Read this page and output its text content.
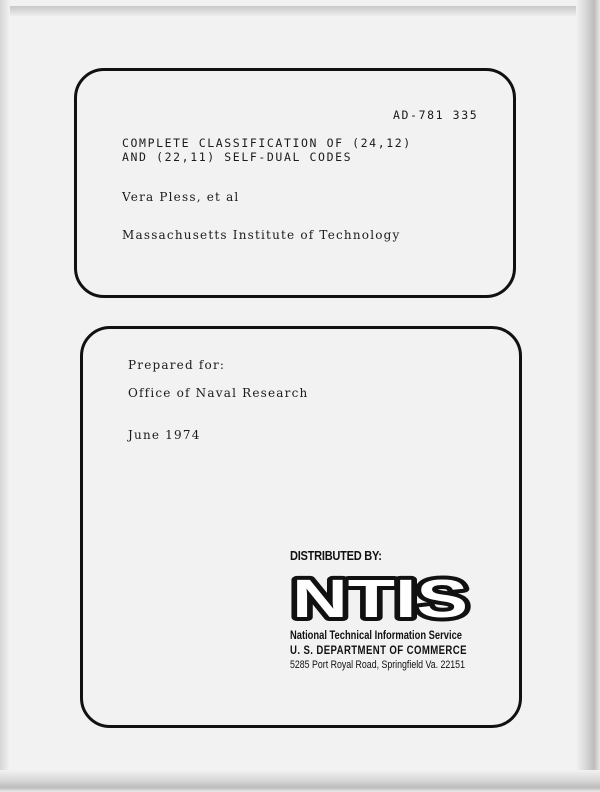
AD-781 335
COMPLETE CLASSIFICATION OF (24,12)
AND (22,11) SELF-DUAL CODES
Vera Pless, et al
Massachusetts Institute of Technology
Prepared for:
Office of Naval Research
June 1974
DISTRIBUTED BY:
NTIS
National Technical Information Service
U. S. DEPARTMENT OF COMMERCE
5285 Port Royal Road, Springfield Va. 22151
